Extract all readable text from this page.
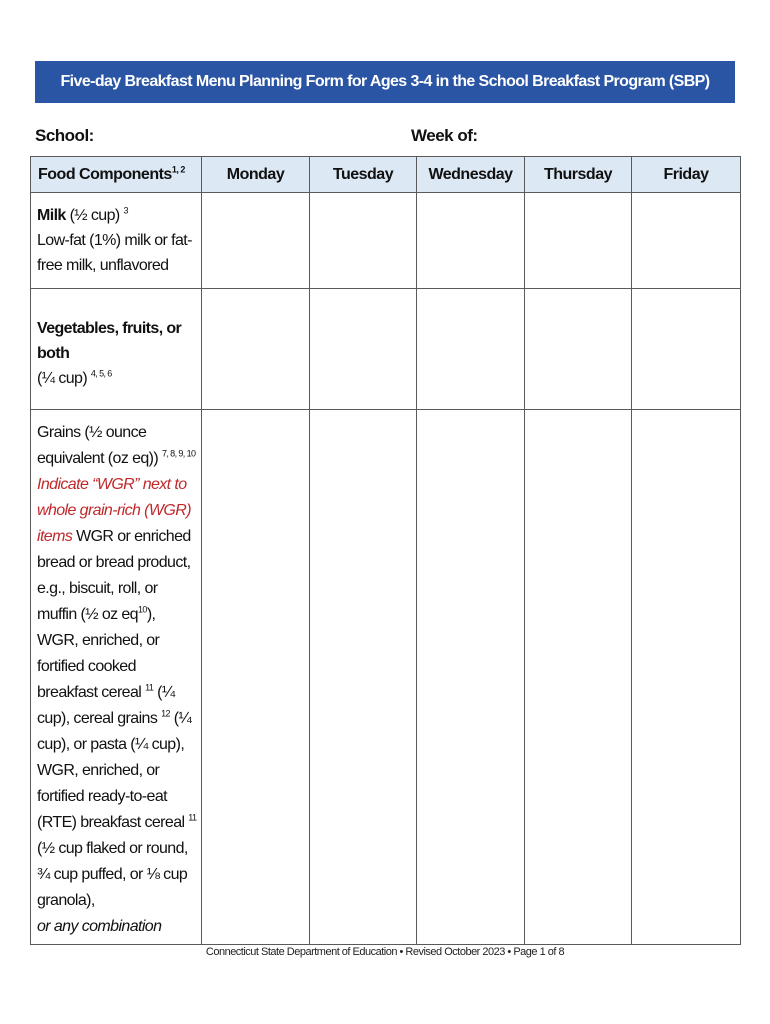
Five-day Breakfast Menu Planning Form for Ages 3-4 in the School Breakfast Program (SBP)
School:	Week of:
Food Components$^{1, 2}$	Monday	Tuesday	Wednesday	Thursday	Friday
Milk (½ cup) $^3$
Low-fat (1%) milk or fat-free milk, unflavored					
Vegetables, fruits, or both
(¼ cup) $^{4, 5, 6}$					
Grains (½ ounce equivalent (oz eq)) $^{7, 8, 9, 10}$ Indicate “WGR” next to whole grain-rich (WGR) items WGR or enriched bread or bread product, e.g., biscuit, roll, or muffin (½ oz $eq^{10}$), WGR, enriched, or fortified cooked breakfast cereal $^{11}$ (¼ cup), cereal grains $^{12}$ (¼ cup), or pasta (¼ cup), WGR, enriched, or fortified ready-to-eat (RTE) breakfast cereal $^{11}$ (½ cup flaked or round, ¾ cup puffed, or ⅛ cup granola),
or any combination					
Connecticut State Department of Education • Revised October 2023 • Page 1 of 8
